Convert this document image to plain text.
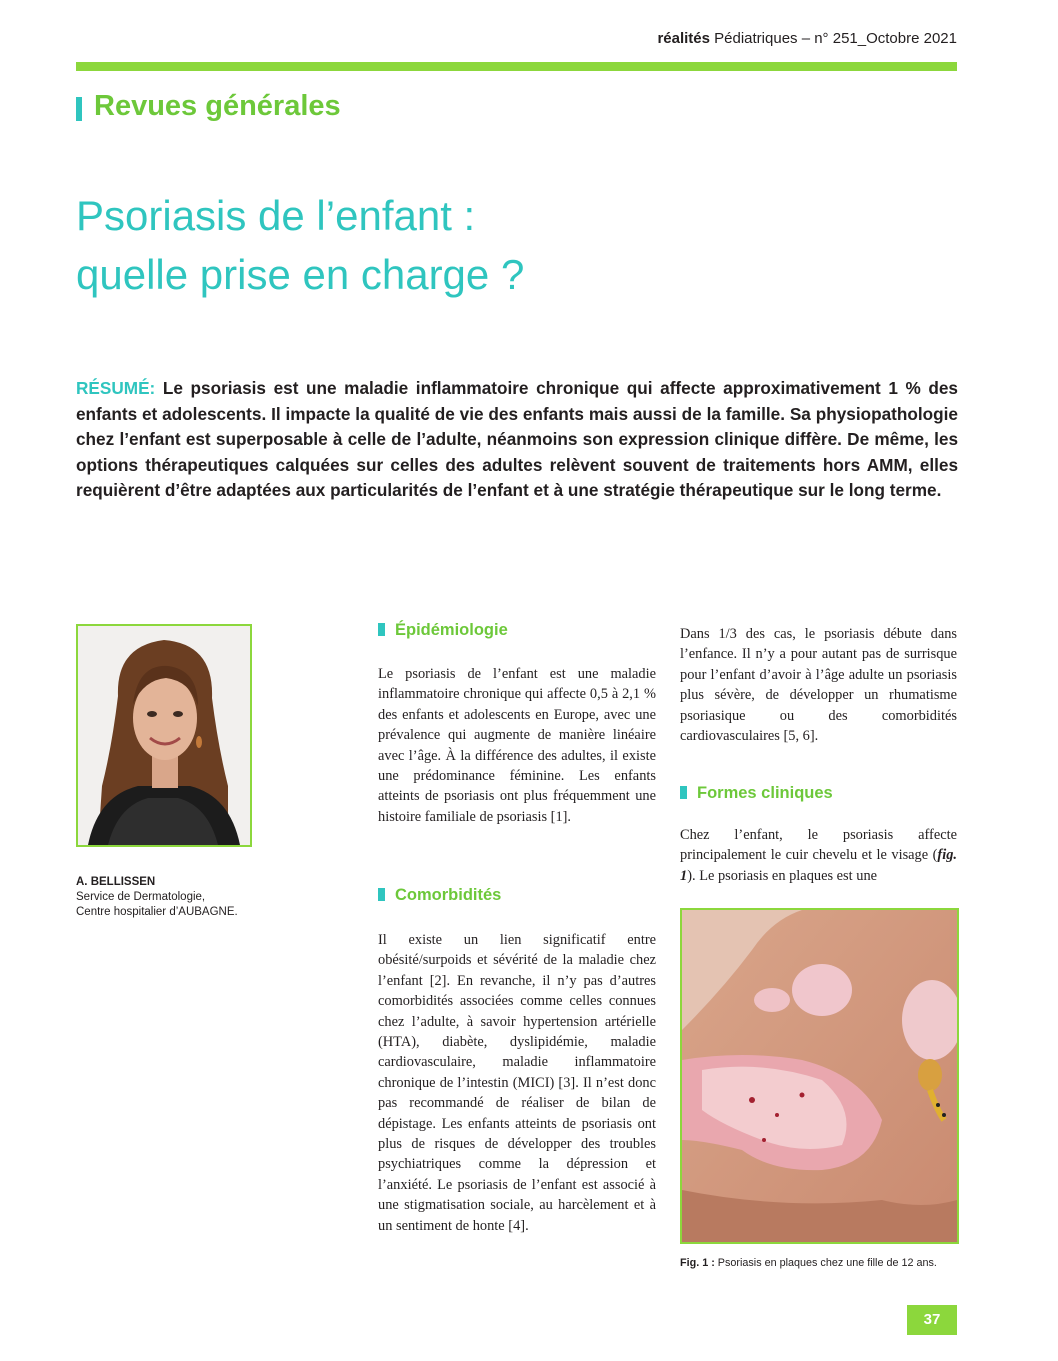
réalités Pédiatriques – n° 251_Octobre 2021
Revues générales
Psoriasis de l’enfant :
quelle prise en charge ?
RÉSUMÉ: Le psoriasis est une maladie inflammatoire chronique qui affecte approximativement 1 % des enfants et adolescents. Il impacte la qualité de vie des enfants mais aussi de la famille. Sa physiopathologie chez l’enfant est superposable à celle de l’adulte, néanmoins son expression clinique diffère. De même, les options thérapeutiques calquées sur celles des adultes relèvent souvent de traitements hors AMM, elles requièrent d’être adaptées aux particularités de l’enfant et à une stratégie thérapeutique sur le long terme.
A. BELLISSEN
Service de Dermatologie,
Centre hospitalier d’AUBAGNE.
Épidémiologie

Le psoriasis de l’enfant est une maladie inflammatoire chronique qui affecte 0,5 à 2,1 % des enfants et adolescents en Europe, avec une prévalence qui augmente de manière linéaire avec l’âge. À la différence des adultes, il existe une prédominance féminine. Les enfants atteints de psoriasis ont plus fréquemment une histoire familiale de psoriasis [1].

Comorbidités

Il existe un lien significatif entre obésité/surpoids et sévérité de la maladie chez l’enfant [2]. En revanche, il n’y pas d’autres comorbidités associées comme celles connues chez l’adulte, à savoir hypertension artérielle (HTA), diabète, dyslipidémie, maladie cardiovasculaire, maladie inflammatoire chronique de l’intestin (MICI) [3]. Il n’est donc pas recommandé de réaliser de bilan de dépistage. Les enfants atteints de psoriasis ont plus de risques de développer des troubles psychiatriques comme la dépression et l’anxiété. Le psoriasis de l’enfant est associé à une stigmatisation sociale, au harcèlement et à un sentiment de honte [4].

Dans 1/3 des cas, le psoriasis débute dans l’enfance. Il n’y a pour autant pas de surrisque pour l’enfant d’avoir à l’âge adulte un psoriasis plus sévère, de développer un rhumatisme psoriasique ou des comorbidités cardiovasculaires [5, 6].

Formes cliniques

Chez l’enfant, le psoriasis affecte principalement le cuir chevelu et le visage (fig. 1). Le psoriasis en plaques est une

Fig. 1 : Psoriasis en plaques chez une fille de 12 ans.
37
